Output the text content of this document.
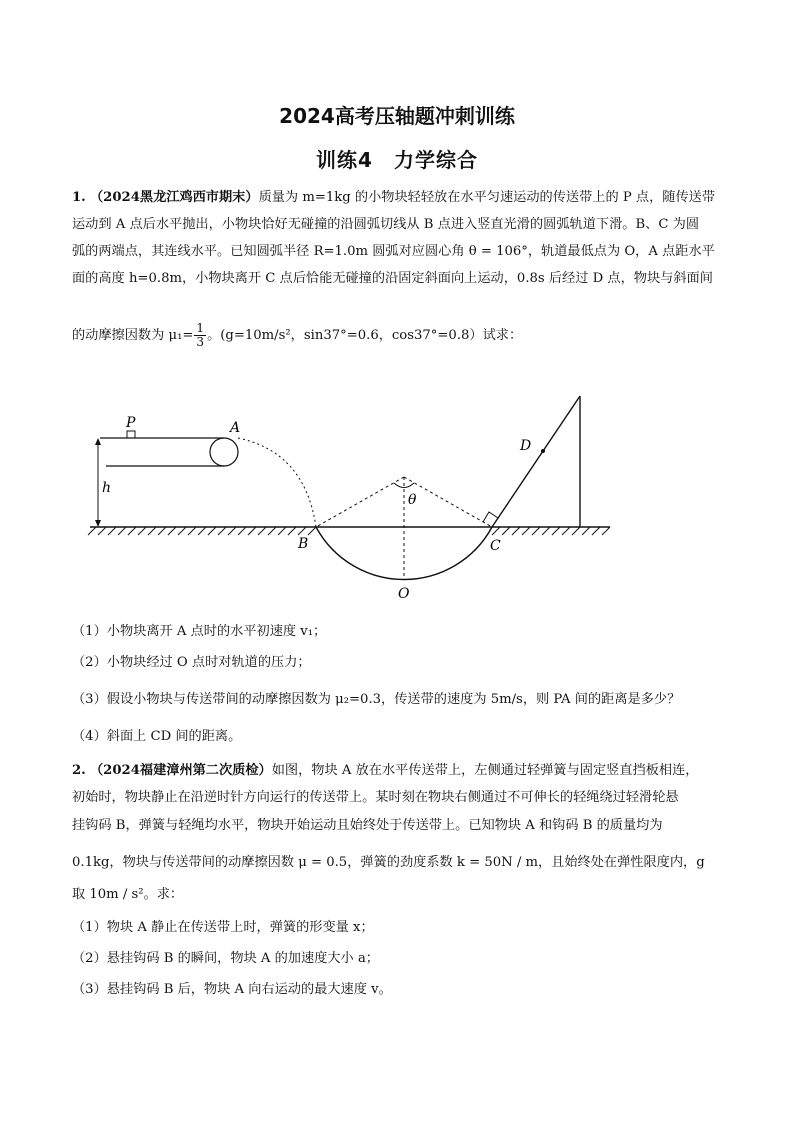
2024高考压轴题冲刺训练
训练4　力学综合
1. （2024黑龙江鸡西市期末）质量为 m=1kg 的小物块轻轻放在水平匀速运动的传送带上的 P 点，随传送带
运动到 A 点后水平抛出，小物块恰好无碰撞的沿圆弧切线从 B 点进入竖直光滑的圆弧轨道下滑。B、C 为圆
弧的两端点，其连线水平。已知圆弧半径 R=1.0m 圆弧对应圆心角 θ = 106°，轨道最低点为 O，A 点距水平
面的高度 h=0.8m，小物块离开 C 点后恰能无碰撞的沿固定斜面向上运动，0.8s 后经过 D 点，物块与斜面间
的动摩擦因数为 $\mu_1= \frac{1}{3}$ 。(g=10m/s²，sin37°=0.6，cos37°=0.8）试求：
P	A
h
B	C
O
D
θ
（1）小物块离开 A 点时的水平初速度 v₁；
（2）小物块经过 O 点时对轨道的压力；
（3）假设小物块与传送带间的动摩擦因数为 μ₂=0.3，传送带的速度为 5m/s，则 PA 间的距离是多少？
（4）斜面上 CD 间的距离。
2. （2024福建漳州第二次质检）如图，物块 A 放在水平传送带上，左侧通过轻弹簧与固定竖直挡板相连，
初始时，物块静止在沿逆时针方向运行的传送带上。某时刻在物块右侧通过不可伸长的轻绳绕过轻滑轮悬
挂钩码 B，弹簧与轻绳均水平，物块开始运动且始终处于传送带上。已知物块 A 和钩码 B 的质量均为
0.1kg，物块与传送带间的动摩擦因数 μ = 0.5，弹簧的劲度系数 k = 50N / m，且始终处在弹性限度内，g
取 10m / s²。求：
（1）物块 A 静止在传送带上时，弹簧的形变量 x；
（2）悬挂钩码 B 的瞬间，物块 A 的加速度大小 a；
（3）悬挂钩码 B 后，物块 A 向右运动的最大速度 v。
